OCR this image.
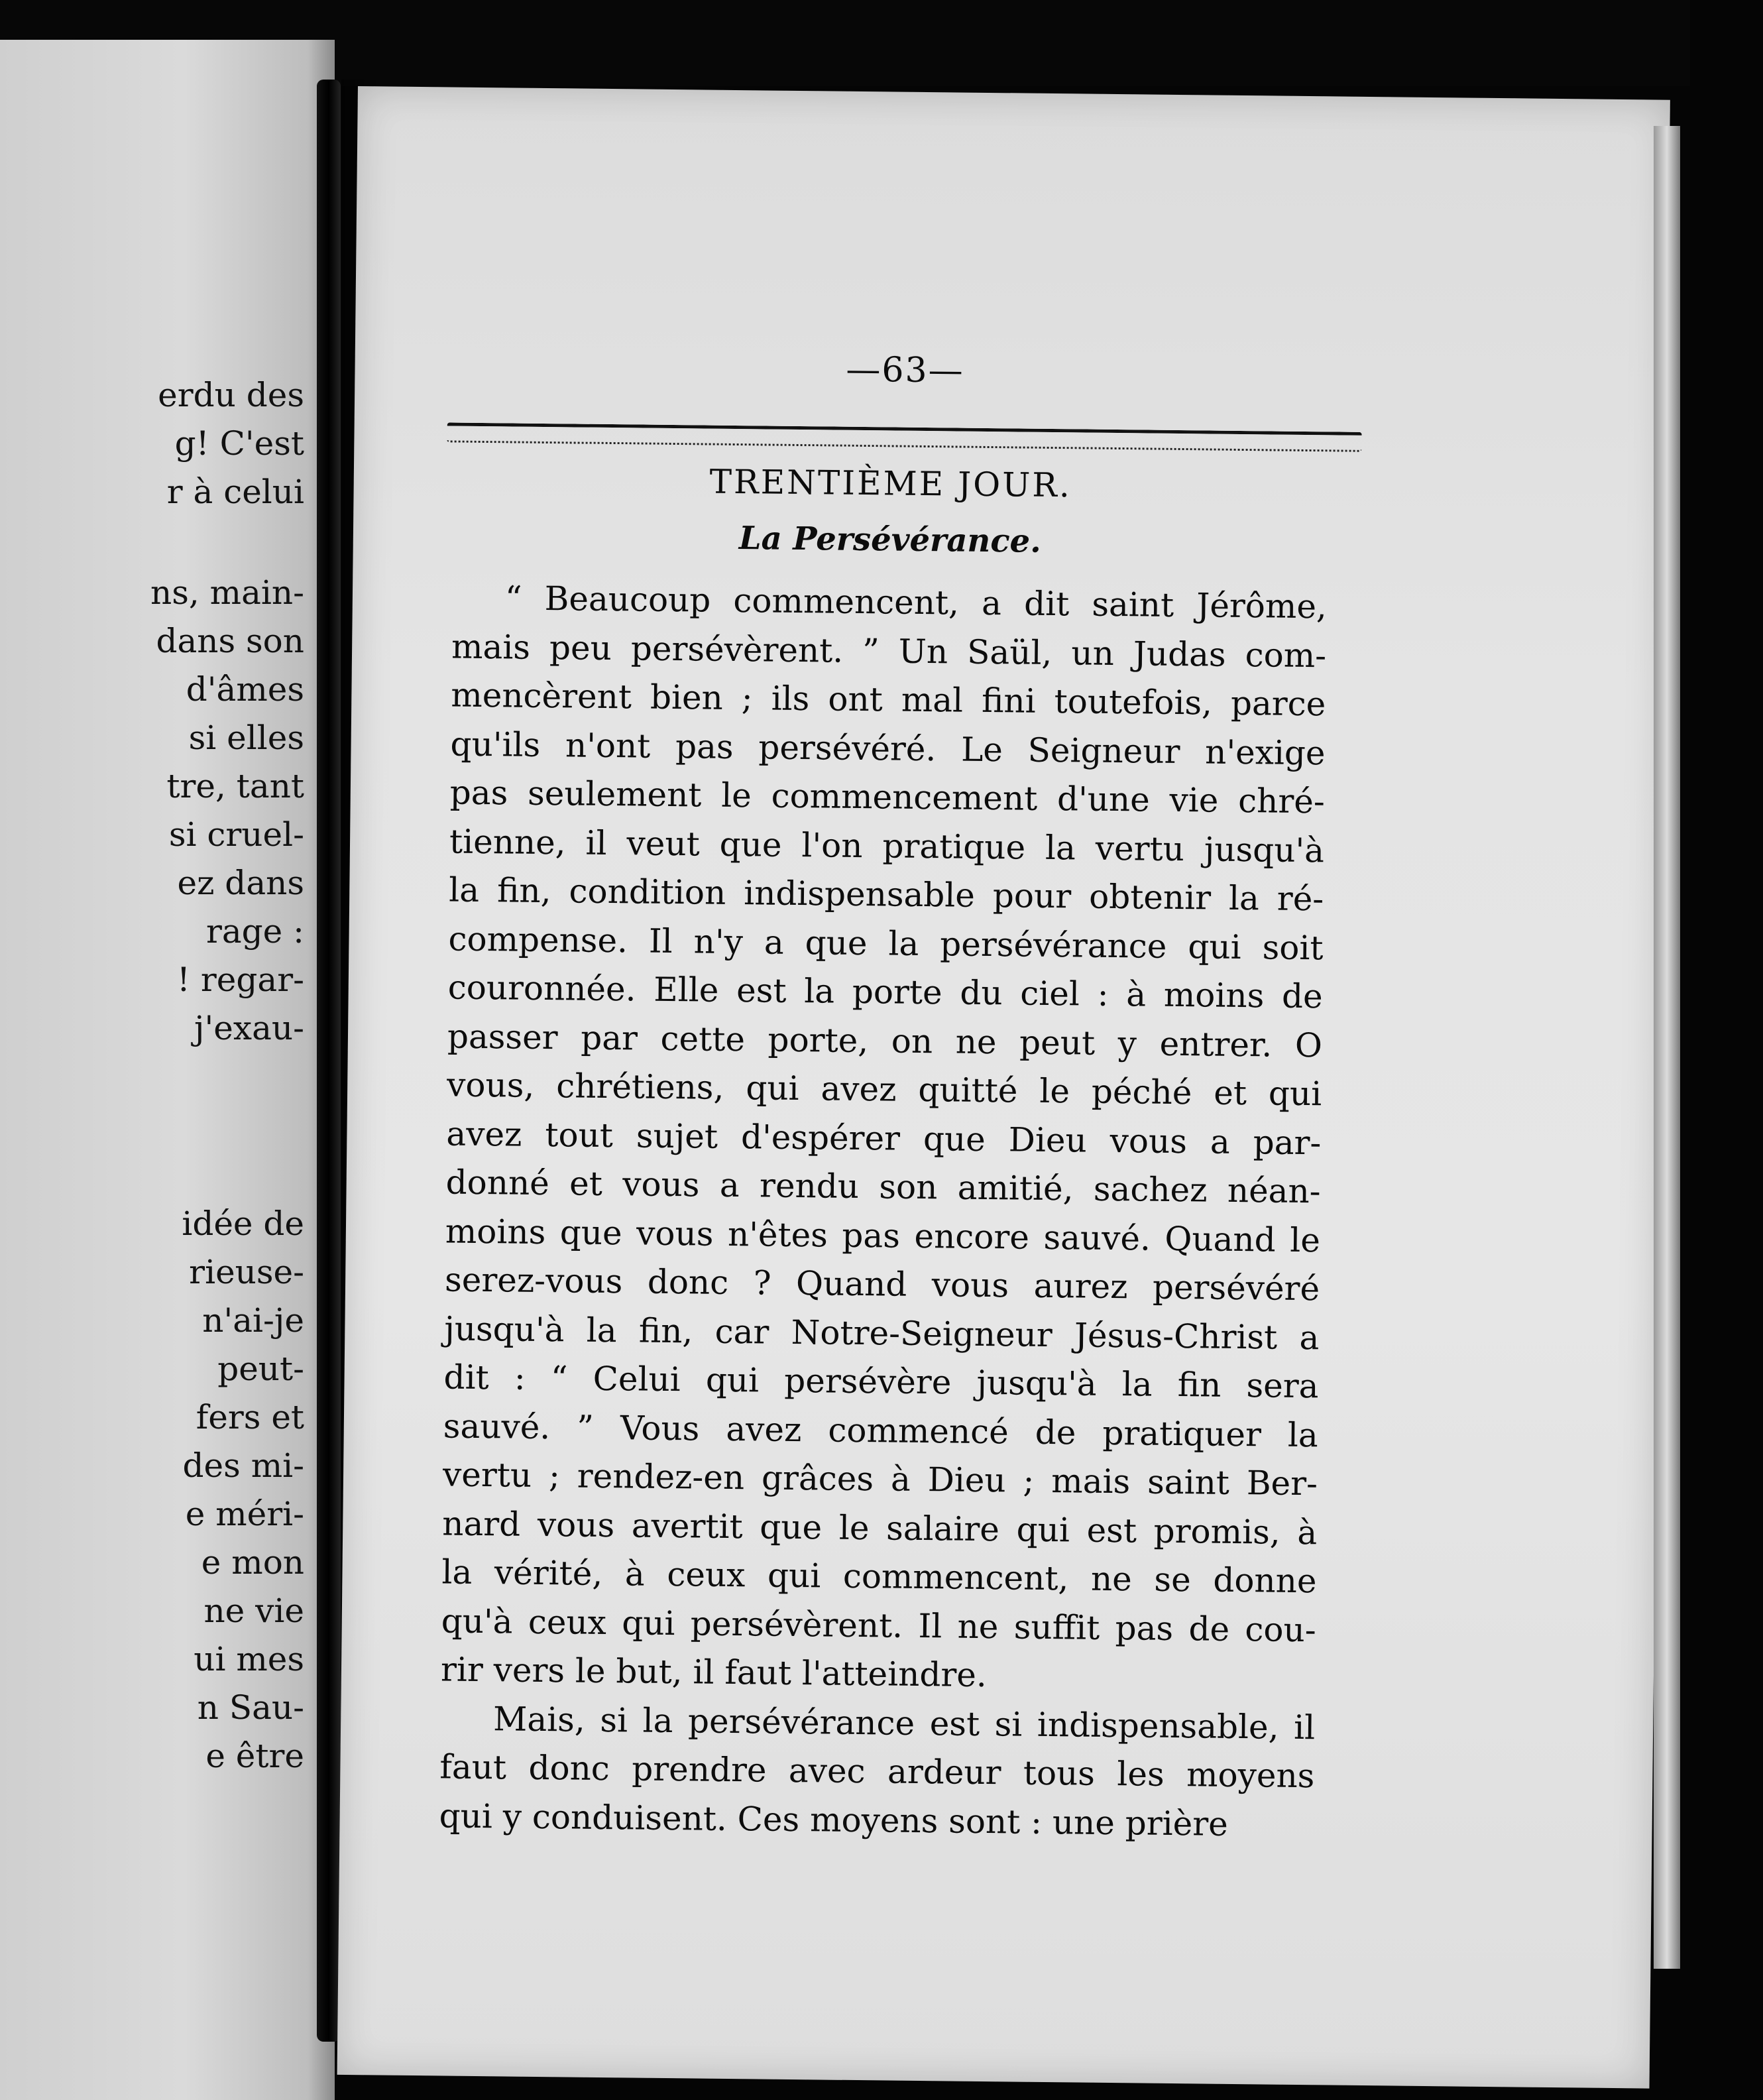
erdu des
g! C'est
r à celui
ns, main-
dans son
d'âmes
si elles
tre, tant
si cruel-
ez dans
rage :
! regar-
j'exau-
idée de
rieuse-
n'ai-je
peut-
fers et
des mi-
e méri-
e mon
ne vie
ui mes
n Sau-
e être
—63—
TRENTIÈME JOUR.
La Persévérance.

“ Beaucoup commencent, a dit saint Jérôme,
mais peu persévèrent. ” Un Saül, un Judas com-
mencèrent bien ; ils ont mal fini toutefois, parce
qu'ils n'ont pas persévéré. Le Seigneur n'exige
pas seulement le commencement d'une vie chré-
tienne, il veut que l'on pratique la vertu jusqu'à
la fin, condition indispensable pour obtenir la ré-
compense. Il n'y a que la persévérance qui soit
couronnée. Elle est la porte du ciel : à moins de
passer par cette porte, on ne peut y entrer. O
vous, chrétiens, qui avez quitté le péché et qui
avez tout sujet d'espérer que Dieu vous a par-
donné et vous a rendu son amitié, sachez néan-
moins que vous n'êtes pas encore sauvé. Quand le
serez-vous donc ? Quand vous aurez persévéré
jusqu'à la fin, car Notre-Seigneur Jésus-Christ a
dit : “ Celui qui persévère jusqu'à la fin sera
sauvé. ” Vous avez commencé de pratiquer la
vertu ; rendez-en grâces à Dieu ; mais saint Ber-
nard vous avertit que le salaire qui est promis, à
la vérité, à ceux qui commencent, ne se donne
qu'à ceux qui persévèrent. Il ne suffit pas de cou-
rir vers le but, il faut l'atteindre.

Mais, si la persévérance est si indispensable, il
faut donc prendre avec ardeur tous les moyens
qui y conduisent. Ces moyens sont : une prière
